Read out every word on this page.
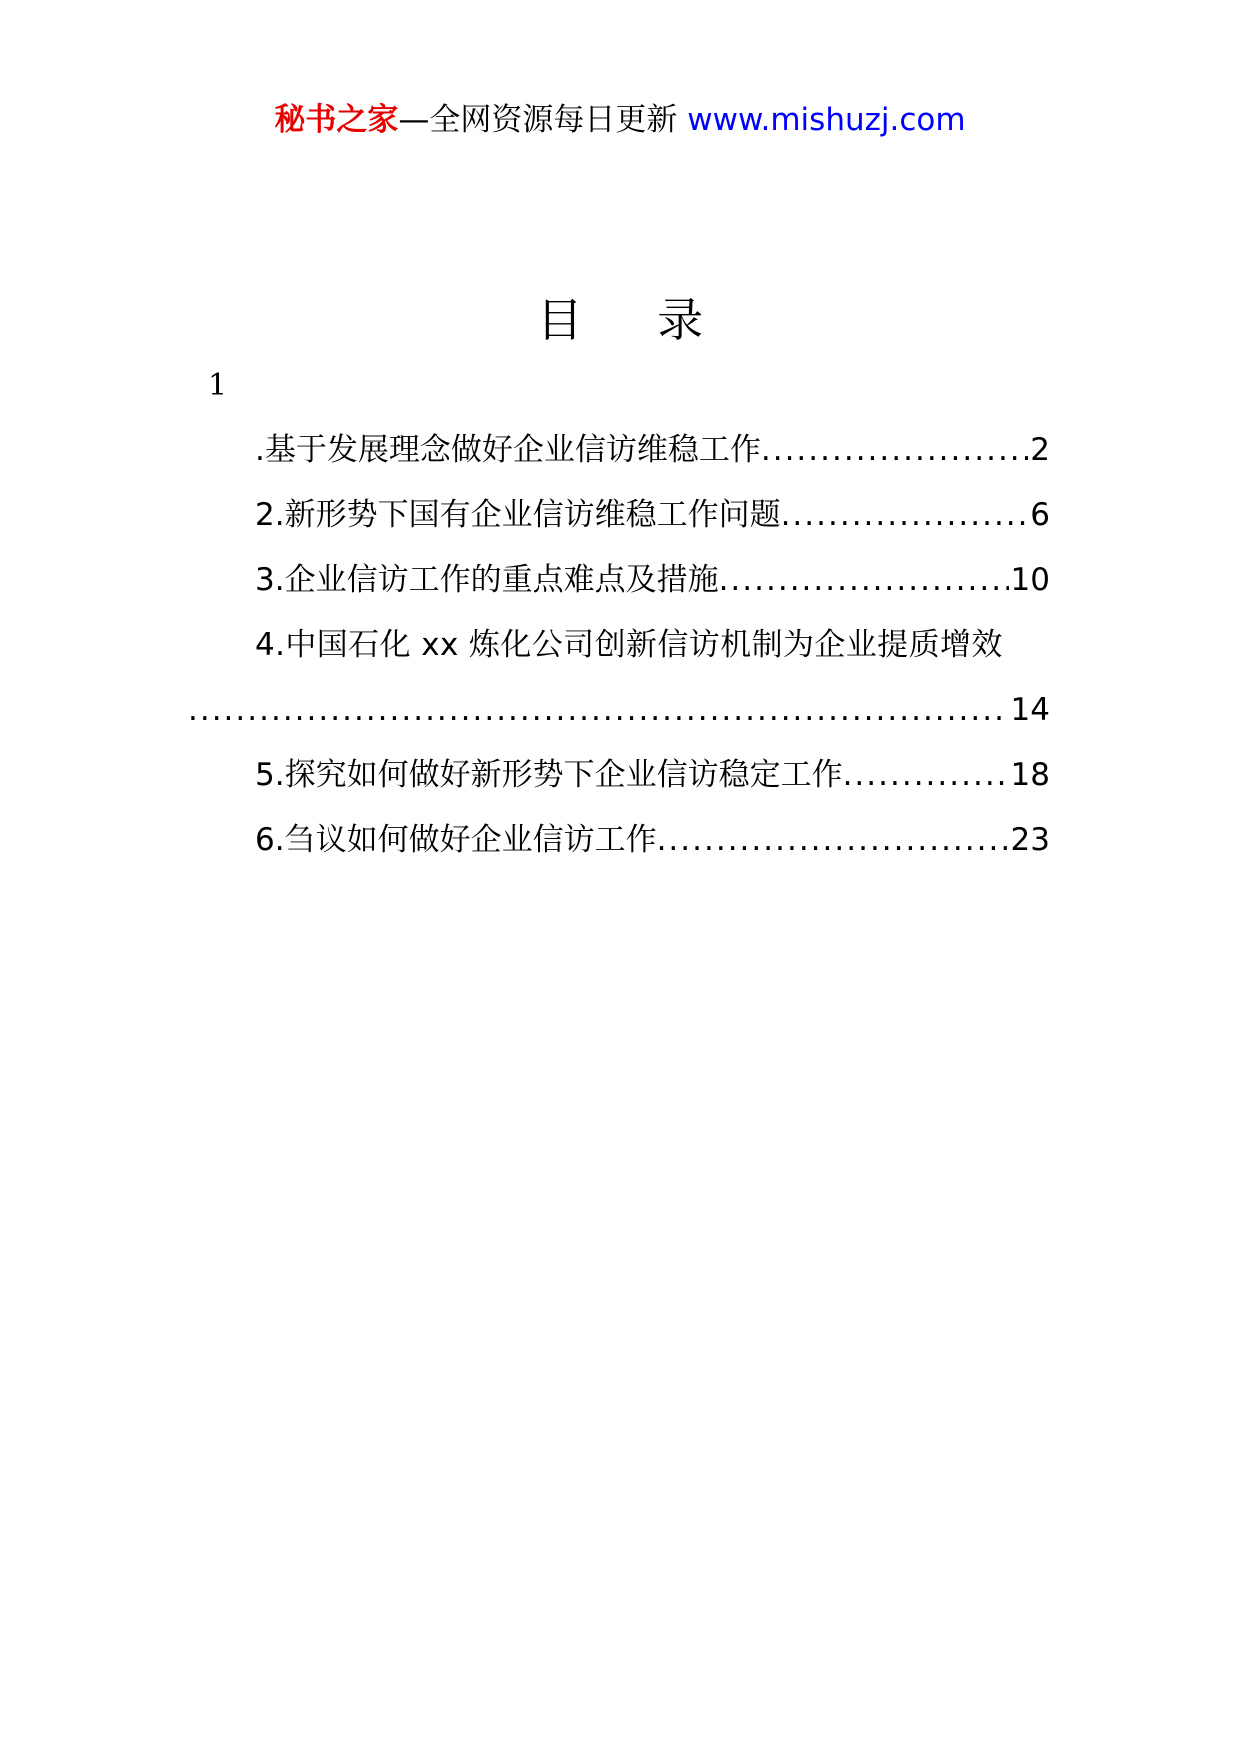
秘书之家—全网资源每日更新 www.mishuzj.com
目 录
1
.基于发展理念做好企业信访维稳工作 .....	2
2.新形势下国有企业信访维稳工作问题 .....	6
3.企业信访工作的重点难点及措施 .....	10
4.中国石化 xx 炼化公司创新信访机制为企业提质增效
.....
14
5.探究如何做好新形势下企业信访稳定工作 .....	18
6.刍议如何做好企业信访工作 .....	23
